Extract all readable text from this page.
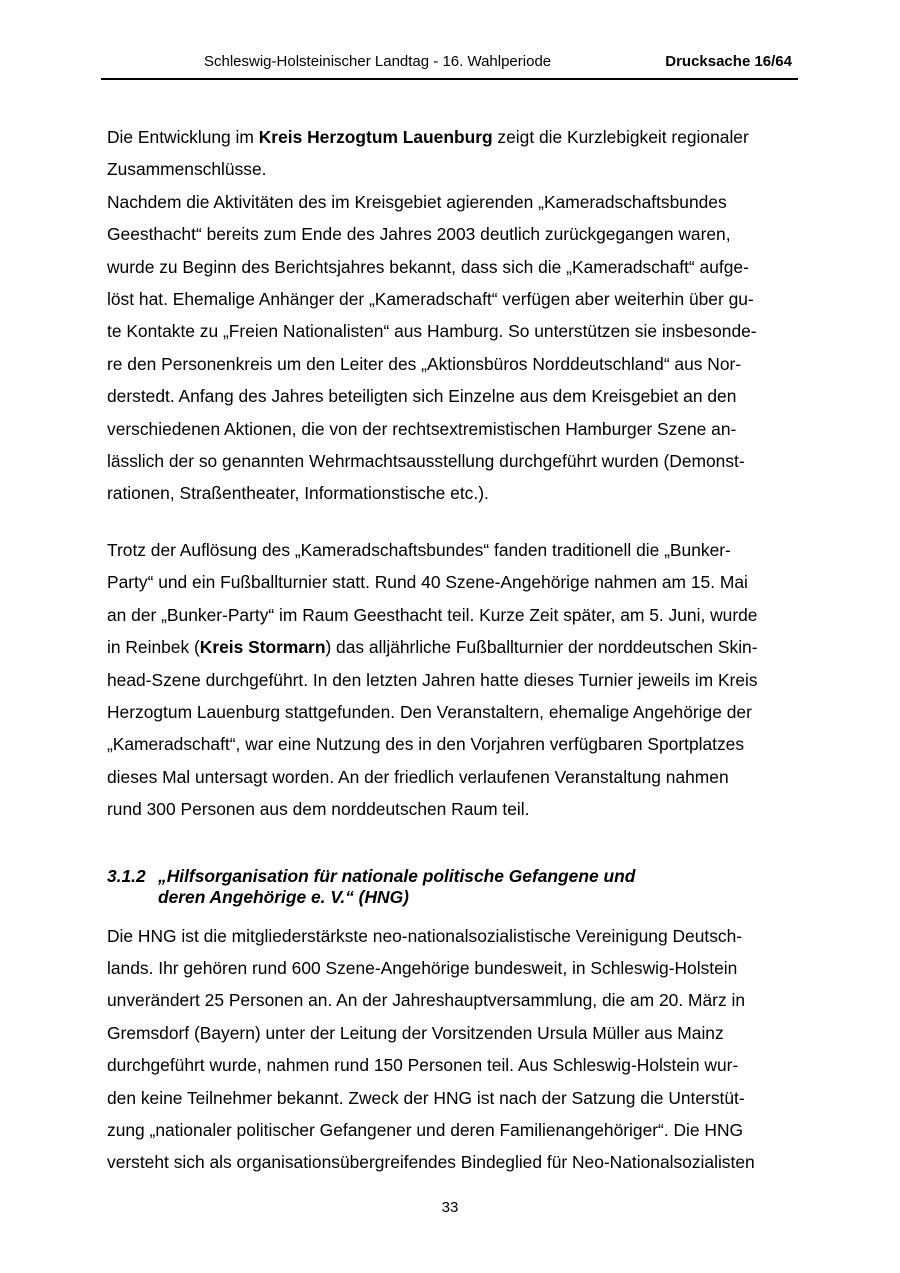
Schleswig-Holsteinischer Landtag - 16. Wahlperiode	Drucksache 16/64

Die Entwicklung im Kreis Herzogtum Lauenburg zeigt die Kurzlebigkeit regionaler
Zusammenschlüsse.
Nachdem die Aktivitäten des im Kreisgebiet agierenden „Kameradschaftsbundes
Geesthacht“ bereits zum Ende des Jahres 2003 deutlich zurückgegangen waren,
wurde zu Beginn des Berichtsjahres bekannt, dass sich die „Kameradschaft“ aufge-
löst hat. Ehemalige Anhänger der „Kameradschaft“ verfügen aber weiterhin über gu-
te Kontakte zu „Freien Nationalisten“ aus Hamburg. So unterstützen sie insbesonde-
re den Personenkreis um den Leiter des „Aktionsbüros Norddeutschland“ aus Nor-
derstedt. Anfang des Jahres beteiligten sich Einzelne aus dem Kreisgebiet an den
verschiedenen Aktionen, die von der rechtsextremistischen Hamburger Szene an-
lässlich der so genannten Wehrmachtsausstellung durchgeführt wurden (Demonst-
rationen, Straßentheater, Informationstische etc.).

Trotz der Auflösung des „Kameradschaftsbundes“ fanden traditionell die „Bunker-
Party“ und ein Fußballturnier statt. Rund 40 Szene-Angehörige nahmen am 15. Mai
an der „Bunker-Party“ im Raum Geesthacht teil. Kurze Zeit später, am 5. Juni, wurde
in Reinbek (Kreis Stormarn) das alljährliche Fußballturnier der norddeutschen Skin-
head-Szene durchgeführt. In den letzten Jahren hatte dieses Turnier jeweils im Kreis
Herzogtum Lauenburg stattgefunden. Den Veranstaltern, ehemalige Angehörige der
„Kameradschaft“, war eine Nutzung des in den Vorjahren verfügbaren Sportplatzes
dieses Mal untersagt worden. An der friedlich verlaufenen Veranstaltung nahmen
rund 300 Personen aus dem norddeutschen Raum teil.

3.1.2 „Hilfsorganisation für nationale politische Gefangene und
deren Angehörige e. V.“ (HNG)

Die HNG ist die mitgliederstärkste neo-nationalsozialistische Vereinigung Deutsch-
lands. Ihr gehören rund 600 Szene-Angehörige bundesweit, in Schleswig-Holstein
unverändert 25 Personen an. An der Jahreshauptversammlung, die am 20. März in
Gremsdorf (Bayern) unter der Leitung der Vorsitzenden Ursula Müller aus Mainz
durchgeführt wurde, nahmen rund 150 Personen teil. Aus Schleswig-Holstein wur-
den keine Teilnehmer bekannt. Zweck der HNG ist nach der Satzung die Unterstüt-
zung „nationaler politischer Gefangener und deren Familienangehöriger“. Die HNG
versteht sich als organisationsübergreifendes Bindeglied für Neo-Nationalsozialisten

33
